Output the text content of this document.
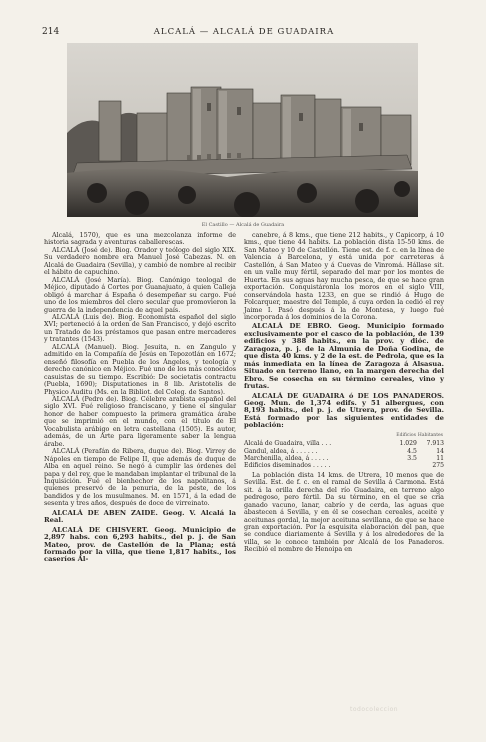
214	ALCALÁ — ALCALÁ DE GUADAIRA
El Castillo — Alcalá de Guadaira

Alcalá, 1570), que es una mezcolanza informe de historia sagrada y aventuras caballerescas.

ALCALÁ (José de). Biog. Orador y teólogo del siglo XIX. Su verdadero nombre era Manuel José Cabezas. N. en Alcalá de Guadaira (Sevilla), y cambió de nombre al recibir el hábito de capuchino.

ALCALÁ (José María). Biog. Canónigo teologal de Méjico, diputado á Cortes por Guanajuato, á quien Calleja obligó á marchar á España ó desempeñar su cargo. Fué uno de los miembros del clero secular que promovieron la guerra de la independencia de aquel país.

ALCALÁ (Luis de). Biog. Economista español del siglo XVI; perteneció á la orden de San Francisco, y dejó escrito un Tratado de los préstamos que pasan entre mercaderes y tratantes (1543).

ALCALÁ (Manuel). Biog. Jesuita, n. en Zangulo y admitido en la Compañía de Jesús en Tepozotlán en 1672; enseñó filosofía en Puebla de los Ángeles, y teología y derecho canónico en Méjico. Fué uno de los más conocidos casuistas de su tiempo. Escribió: De societatis contractu (Puebla, 1690); Disputationes in 8 lib. Aristotelis de Physico Auditu (Ms. en la Bibliot. del Coleg. de Santos).

ALCALÁ (Pedro de). Biog. Célebre arabista español del siglo XVI. Fué religioso franciscano, y tiene el singular honor de haber compuesto la primera gramática árabe que se imprimió en el mundo, con el título de El Vocabulista arábigo en letra castellana (1505). Es autor, además, de un Arte para ligeramente saber la lengua árabe.

ALCALÁ (Perafán de Ribera, duque de). Biog. Virrey de Nápoles en tiempo de Felipe II, que además de duque de Alba en aquel reino. Se negó á cumplir las órdenes del papa y del rey, que le mandaban implantar el tribunal de la Inquisición. Fué el bienhechor de los napolitanos, á quienes preservó de la penuria, de la peste, de los bandidos y de los musulmanes. M. en 1571, á la edad de sesenta y tres años, después de doce de virreinato.

ALCALÁ DE ABEN ZAIDE. Geog. V. Alcalá la Real.

ALCALÁ DE CHISVERT. Geog. Municipio de 2,897 habs. con 6,293 habits., del p. j. de San Mateo, prov. de Castellón de la Plana; está formado por la villa, que tiene 1,817 habits., los caseríos Al-

canebre, á 8 kms., que tiene 212 habits., y Capicorp, á 10 kms., que tiene 44 habits. La población dista 15-50 kms. de San Mateo y 10 de Castellón. Tiene est. de f. c. en la línea de Valencia á Barcelona, y está unida por carreteras á Castellón, á San Mateo y á Cuevas de Vinromá. Hállase sit. en un valle muy fértil, separado del mar por los montes de Huerta. En sus aguas hay mucha pesca, de que se hace gran exportación. Conquistáronla los moros en el siglo VIII, conservándola hasta 1233, en que se rindió á Hugo de Folcarquer, maestre del Temple, á cuya orden la cedió el rey Jaime I. Pasó después á la de Montesa, y luego fué incorporada á los dominios de la Corona.

ALCALÁ DE EBRO. Geog. Municipio formado exclusivamente por el casco de la población, de 139 edificios y 388 habits., en la prov. y dióc. de Zaragoza, p. j. de la Almunia de Doña Godina, de que dista 40 kms. y 2 de la est. de Pedrola, que es la más inmediata en la línea de Zaragoza á Alsasua. Situado en terreno llano, en la margen derecha del Ebro. Se cosecha en su término cereales, vino y frutas.

ALCALÁ DE GUADAIRA ó DE LOS PANADEROS. Geog. Mun. de 1,374 edifs. y 51 albergues, con 8,193 habits., del p. j. de Utrera, prov. de Sevilla. Está formado por las siguientes entidades de población:

	Edificios	Habitantes
Alcalá de Guadaira, villa . . .	1.029	7.913
Gandul, aldea, á . . . . . .	4.5	14
Marchenilla, aldea, á . . . . .	3.5	11
Edificios diseminados . . . . .		275

La población dista 14 kms. de Utrera, 10 menos que de Sevilla. Est. de f. c. en el ramal de Sevilla á Carmona. Está sit. á la orilla derecha del río Guadaira, en terreno algo pedregoso, pero fértil. Da su término, en el que se cría ganado vacuno, lanar, cabrío y de cerda, las aguas que abastecen á Sevilla, y en él se cosechan cereales, aceite y aceitunas gordal, la mejor aceituna sevillana, de que se hace gran exportación. Por la esquisita elaboración del pan, que se conduce diariamente á Sevilla y á los alrededores de la villa, se le conoce también por Alcalá de los Panaderos. Recibió el nombre de Henoipa en

todocoleccion
